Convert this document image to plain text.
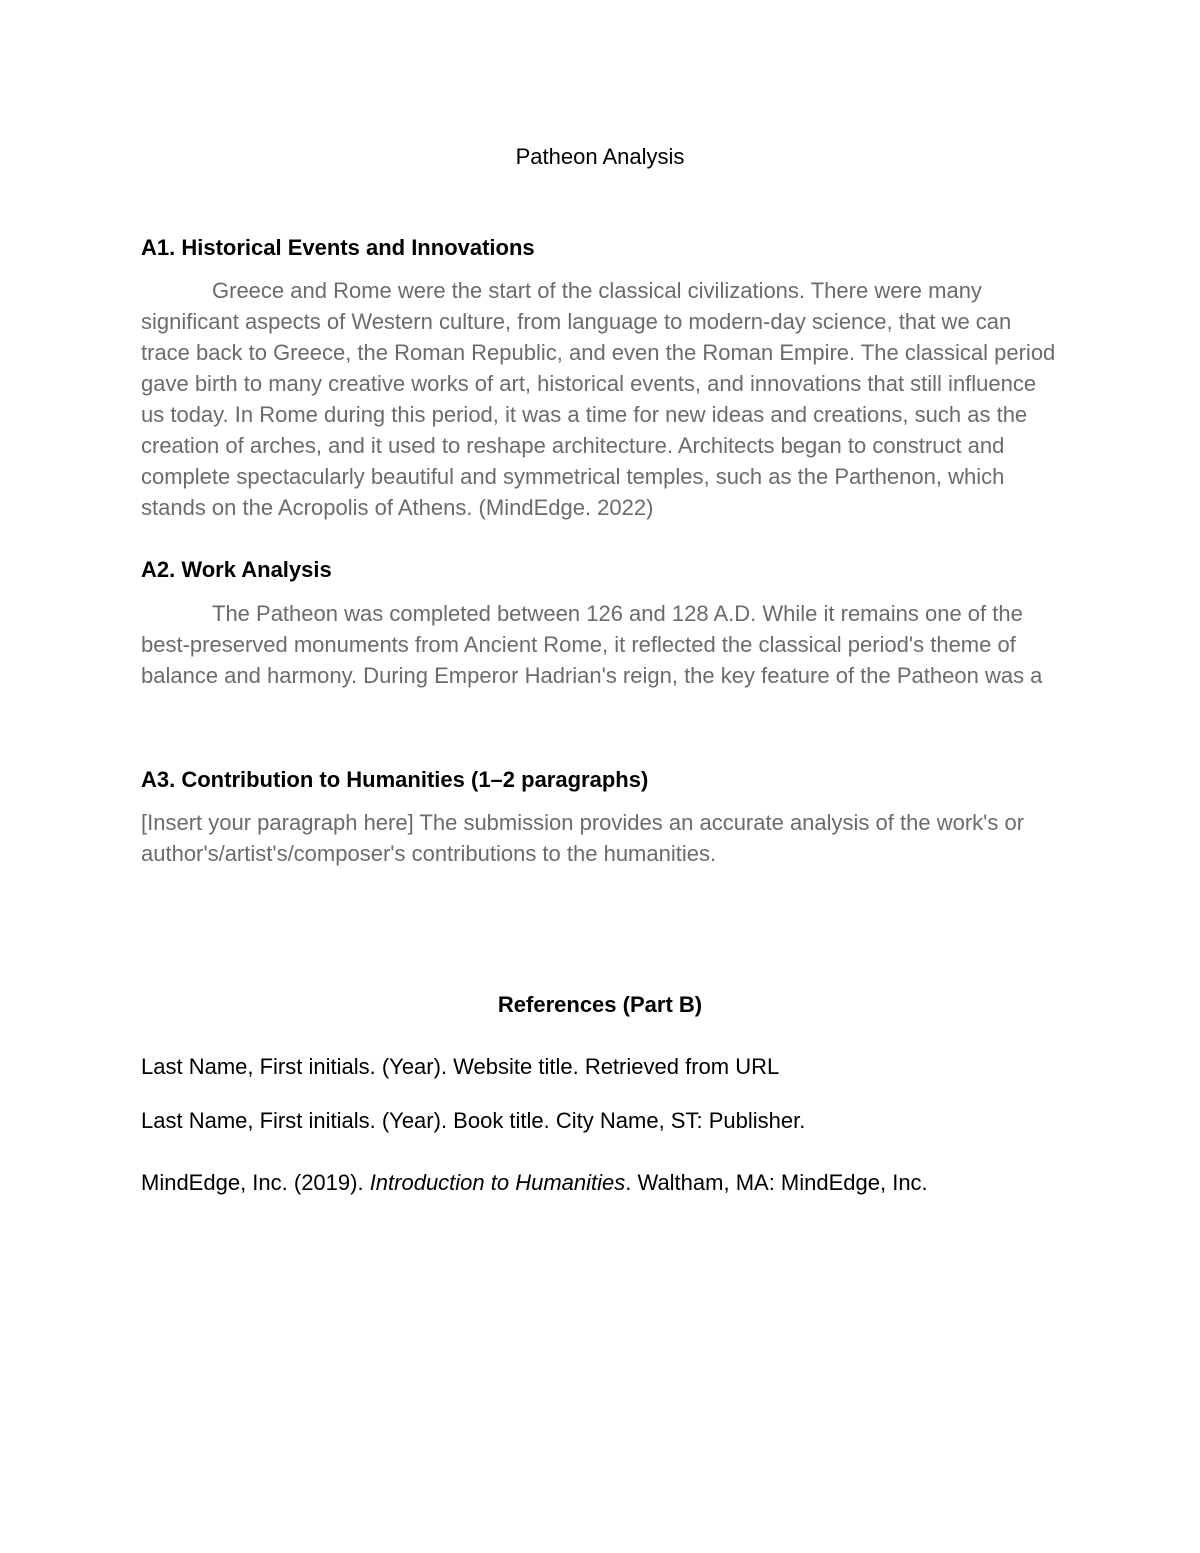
Patheon Analysis
A1. Historical Events and Innovations

Greece and Rome were the start of the classical civilizations. There were many significant aspects of Western culture, from language to modern-day science, that we can trace back to Greece, the Roman Republic, and even the Roman Empire. The classical period gave birth to many creative works of art, historical events, and innovations that still influence us today. In Rome during this period, it was a time for new ideas and creations, such as the creation of arches, and it used to reshape architecture. Architects began to construct and complete spectacularly beautiful and symmetrical temples, such as the Parthenon, which stands on the Acropolis of Athens. (MindEdge. 2022)

A2. Work Analysis

The Patheon was completed between 126 and 128 A.D. While it remains one of the best-preserved monuments from Ancient Rome, it reflected the classical period's theme of balance and harmony. During Emperor Hadrian's reign, the key feature of the Patheon was a

A3. Contribution to Humanities (1–2 paragraphs)

[Insert your paragraph here] The submission provides an accurate analysis of the work's or author's/artist's/composer's contributions to the humanities.

References (Part B)

Last Name, First initials. (Year). Website title. Retrieved from URL

Last Name, First initials. (Year). Book title. City Name, ST: Publisher.

MindEdge, Inc. (2019). Introduction to Humanities. Waltham, MA: MindEdge, Inc.
